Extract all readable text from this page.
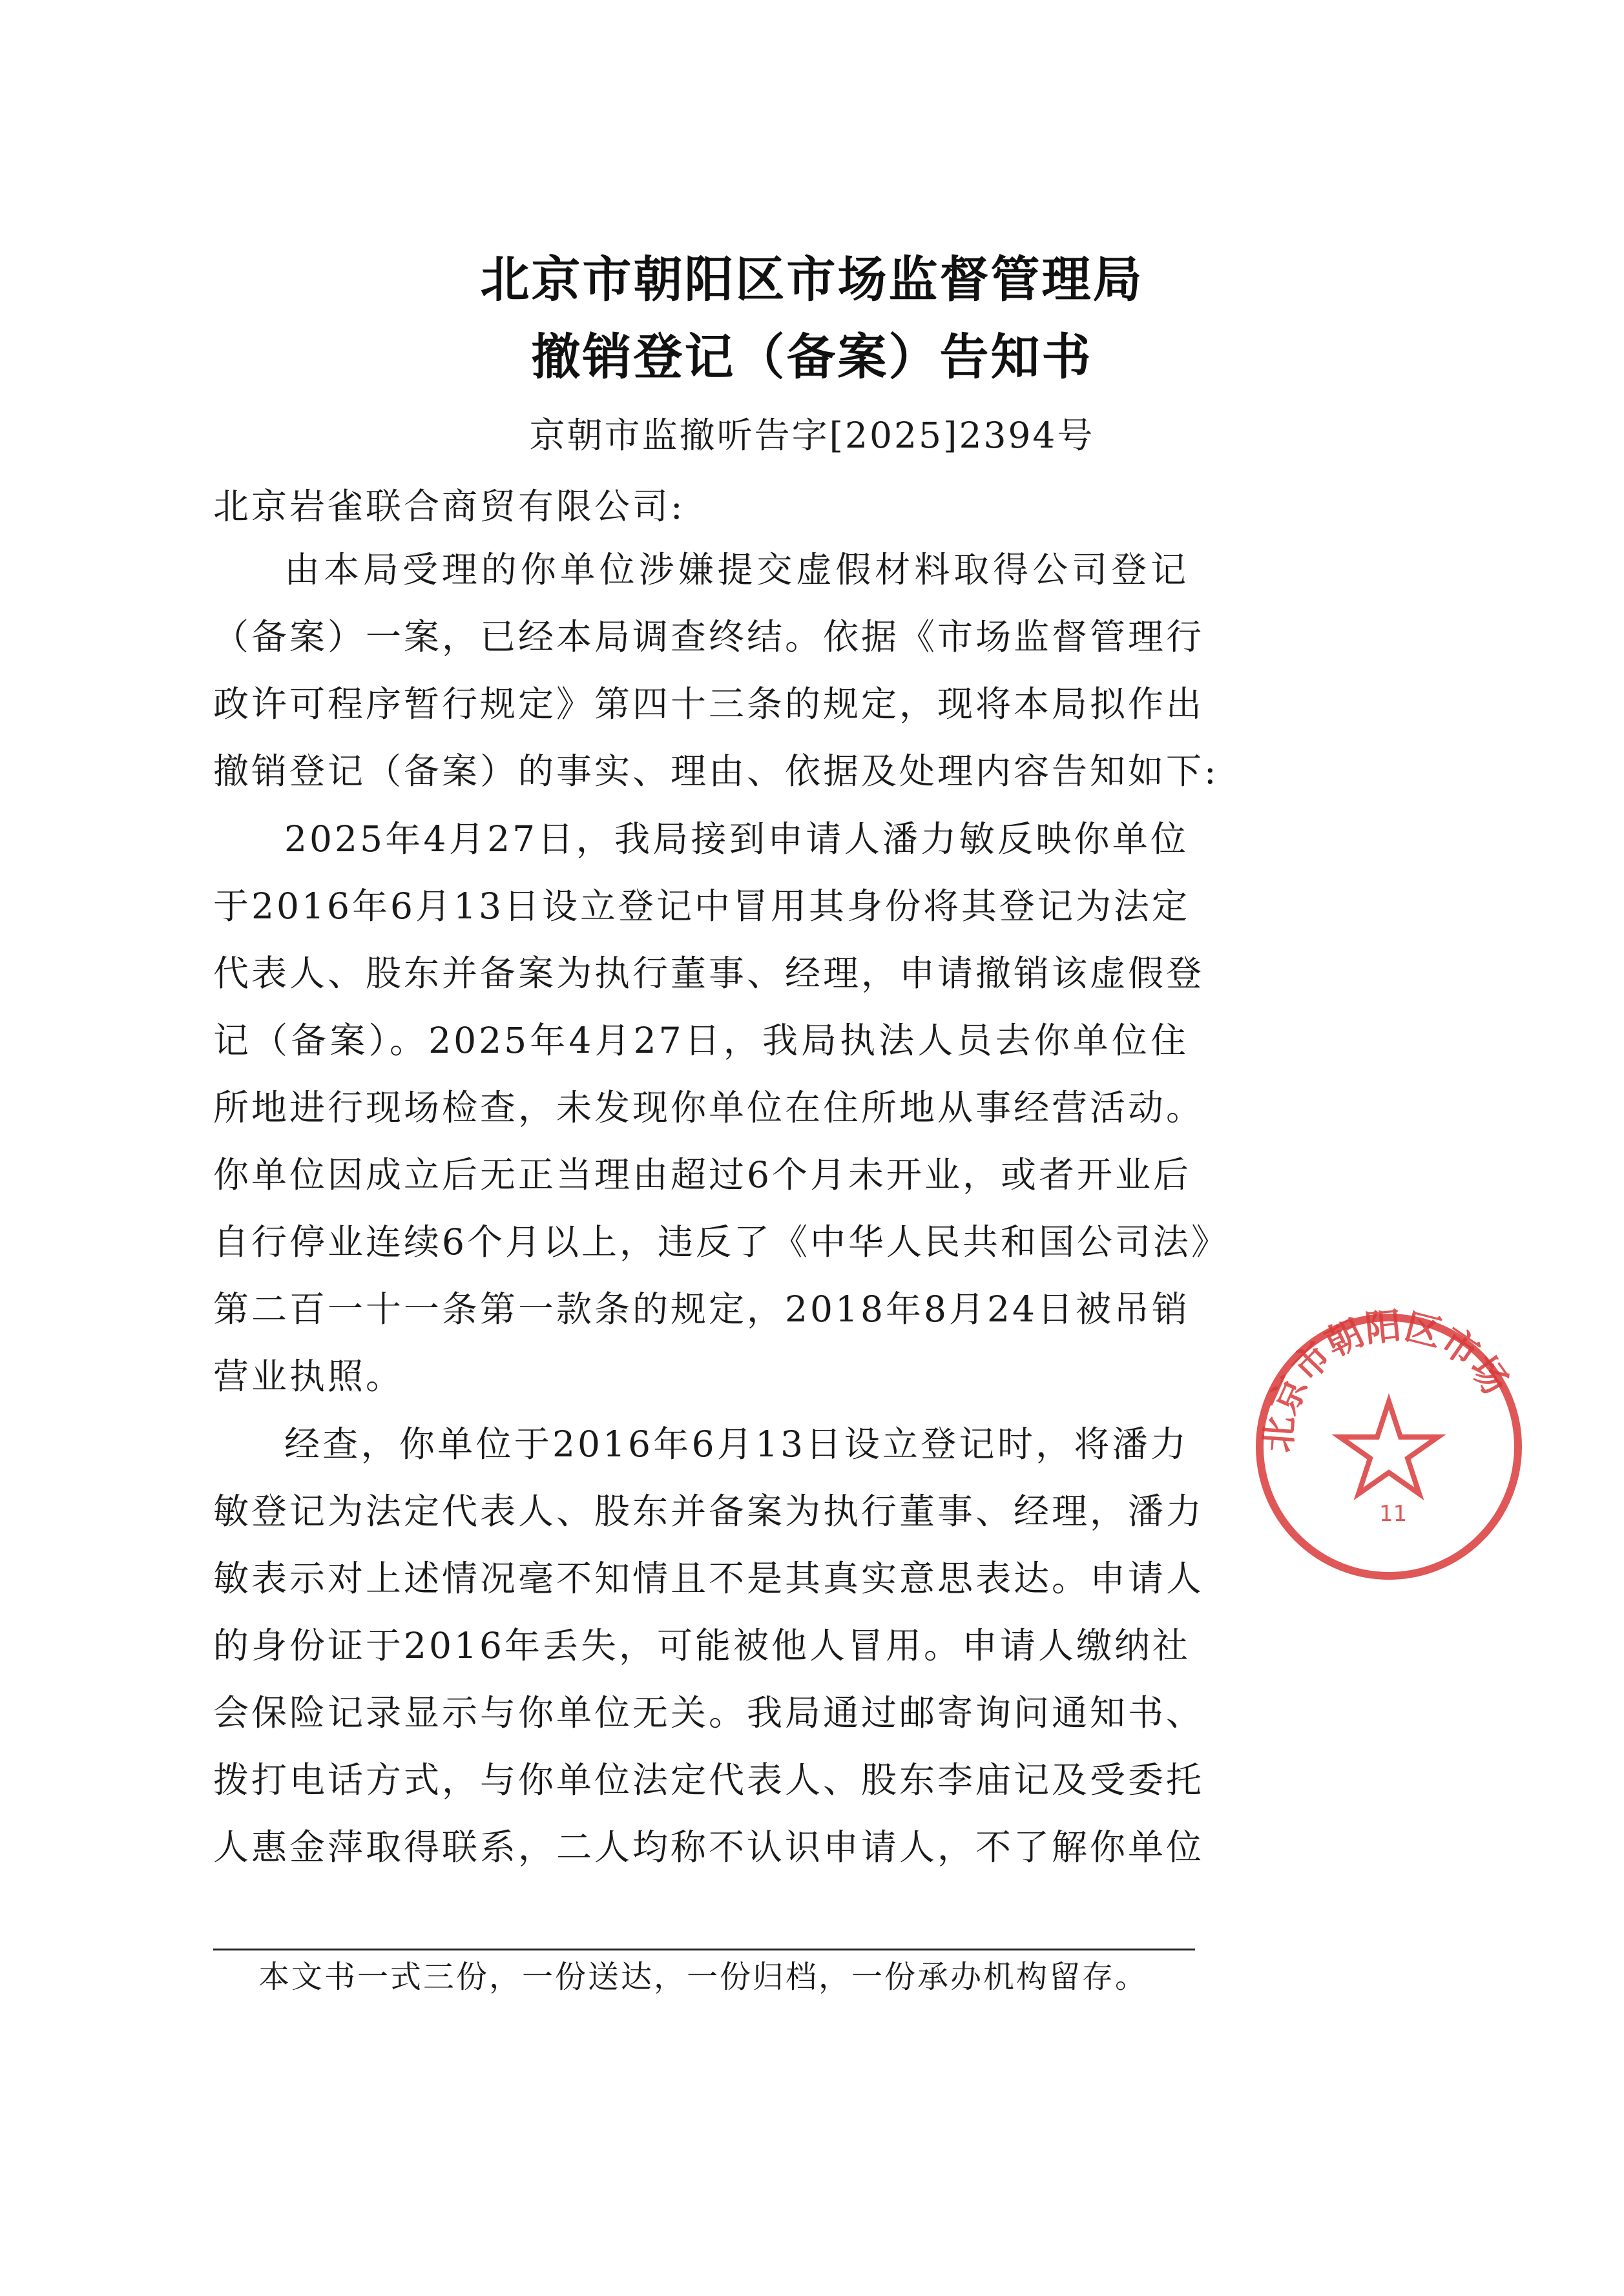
北京市朝阳区市场监督管理局
撤销登记（备案）告知书
京朝市监撤听告字[2025]2394号
北京岩雀联合商贸有限公司:
由本局受理的你单位涉嫌提交虚假材料取得公司登记
（备案）一案，已经本局调查终结。依据《市场监督管理行
政许可程序暂行规定》第四十三条的规定，现将本局拟作出
撤销登记（备案）的事实、理由、依据及处理内容告知如下:
2025年4月27日，我局接到申请人潘力敏反映你单位
于2016年6月13日设立登记中冒用其身份将其登记为法定
代表人、股东并备案为执行董事、经理，申请撤销该虚假登
记（备案）。2025年4月27日，我局执法人员去你单位住
所地进行现场检查，未发现你单位在住所地从事经营活动。
你单位因成立后无正当理由超过6个月未开业，或者开业后
自行停业连续6个月以上，违反了《中华人民共和国公司法》
第二百一十一条第一款条的规定，2018年8月24日被吊销
营业执照。
经查，你单位于2016年6月13日设立登记时，将潘力
敏登记为法定代表人、股东并备案为执行董事、经理，潘力
敏表示对上述情况毫不知情且不是其真实意思表达。申请人
的身份证于2016年丢失，可能被他人冒用。申请人缴纳社
会保险记录显示与你单位无关。我局通过邮寄询问通知书、
拨打电话方式，与你单位法定代表人、股东李庙记及受委托
人惠金萍取得联系，二人均称不认识申请人，不了解你单位
本文书一式三份，一份送达，一份归档，一份承办机构留存。
北京市朝阳区市场
11
